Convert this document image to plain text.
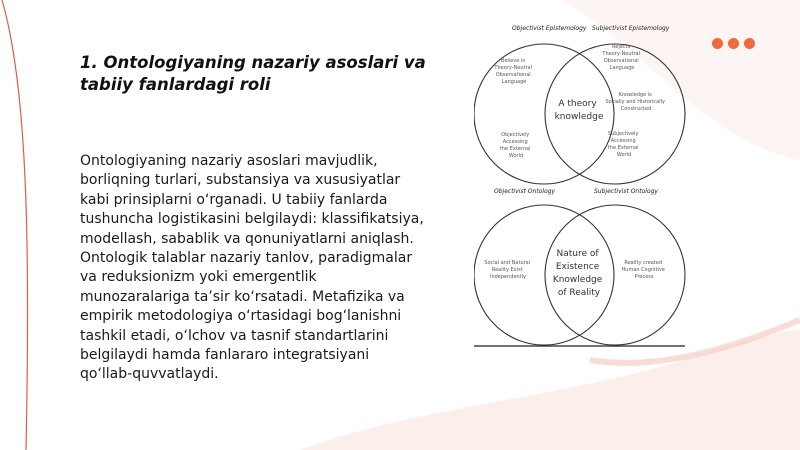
1. Ontologiyaning nazariy asoslari va tabiiy fanlardagi roli

Ontologiyaning nazariy asoslari mavjudlik, borliqning turlari, substansiya va xususiyatlar kabi prinsiplarni o‘rganadi. U tabiiy fanlarda tushuncha logistikasini belgilaydi: klassifikatsiya, modellash, sabablik va qonuniyatlarni aniqlash. Ontologik talablar nazariy tanlov, paradigmalar va reduksionizm yoki emergentlik munozaralariga ta’sir ko‘rsatadi. Metafizika va empirik metodologiya o‘rtasidagi bog‘lanishni tashkil etadi, o‘lchov va tasnif standartlarini belgilaydi hamda fanlararo integratsiyani qo‘llab-quvvatlaydi.

Objectivist Epistemology Subjectivist Epistemology
Believe in Theory-Neutral Observational Language
Objectively Accessing the External World
Rejects Theory-Neutral Observational Language
Knowledge is Socially and Historically Constructed
Subjectively Accessing the External World
A theory knowledge
Objectivist Ontology	Subjectivist Ontology
Social and Natural Reality Exist Independently
Reality created Human Cognitive Process
Nature of Existence Knowledge of Reality
